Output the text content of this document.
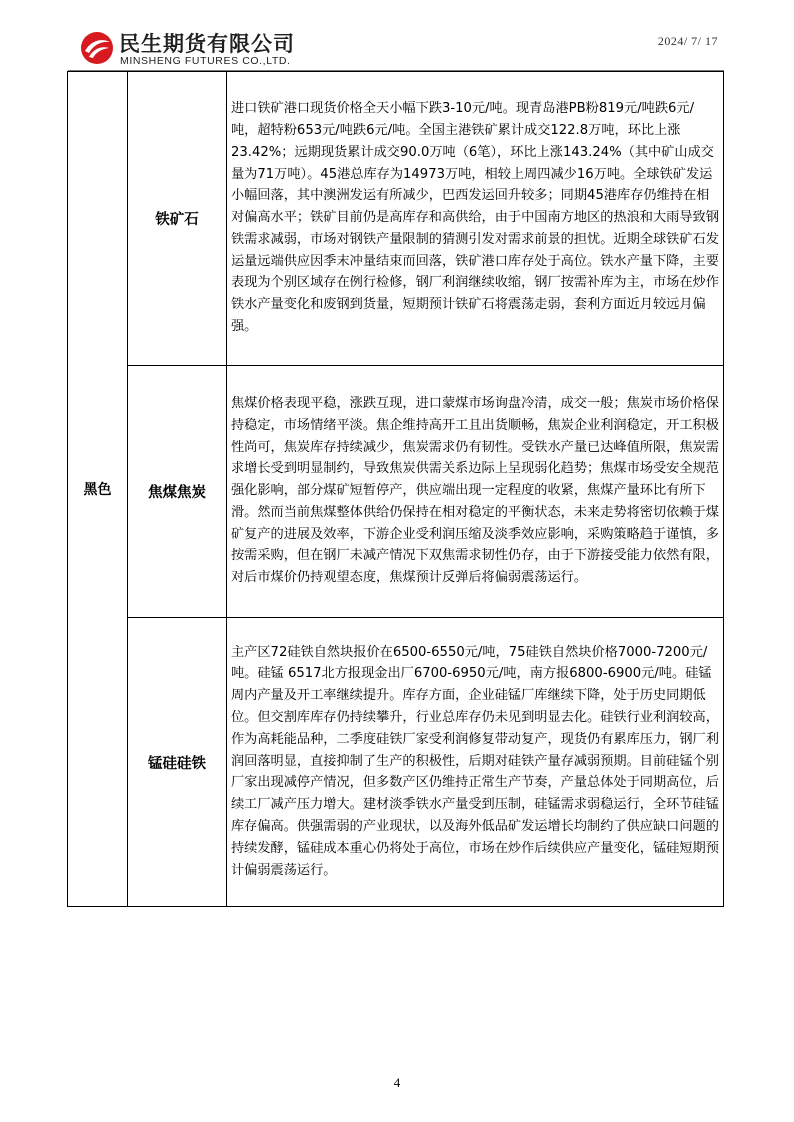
民生期货有限公司
MINSHENG FUTURES CO.,LTD.
2024/ 7/ 17
黑色	铁矿石	进口铁矿港口现货价格全天小幅下跌3-10元/吨。现青岛港PB粉819元/吨跌6元/吨，超特粉653元/吨跌6元/吨。全国主港铁矿累计成交122.8万吨，环比上涨23.42%；远期现货累计成交90.0万吨（6笔），环比上涨143.24%（其中矿山成交量为71万吨）。45港总库存为14973万吨，相较上周四减少16万吨。全球铁矿发运小幅回落，其中澳洲发运有所减少，巴西发运回升较多；同期45港库存仍维持在相对偏高水平；铁矿目前仍是高库存和高供给，由于中国南方地区的热浪和大雨导致钢铁需求减弱，市场对钢铁产量限制的猜测引发对需求前景的担忧。近期全球铁矿石发运量远端供应因季末冲量结束而回落，铁矿港口库存处于高位。铁水产量下降，主要表现为个别区域存在例行检修，钢厂利润继续收缩，钢厂按需补库为主，市场在炒作铁水产量变化和废钢到货量，短期预计铁矿石将震荡走弱，套利方面近月较远月偏强。
	焦煤焦炭	焦煤价格表现平稳，涨跌互现，进口蒙煤市场询盘冷清，成交一般；焦炭市场价格保持稳定，市场情绪平淡。焦企维持高开工且出货顺畅，焦炭企业利润稳定，开工积极性尚可，焦炭库存持续减少，焦炭需求仍有韧性。受铁水产量已达峰值所限，焦炭需求增长受到明显制约，导致焦炭供需关系边际上呈现弱化趋势；焦煤市场受安全规范强化影响，部分煤矿短暂停产，供应端出现一定程度的收紧，焦煤产量环比有所下滑。然而当前焦煤整体供给仍保持在相对稳定的平衡状态，未来走势将密切依赖于煤矿复产的进展及效率，下游企业受利润压缩及淡季效应影响，采购策略趋于谨慎，多按需采购，但在钢厂未减产情况下双焦需求韧性仍存，由于下游接受能力依然有限，对后市煤价仍持观望态度，焦煤预计反弹后将偏弱震荡运行。
	锰硅硅铁	主产区72硅铁自然块报价在6500-6550元/吨，75硅铁自然块价格7000-7200元/吨。硅锰 6517北方报现金出厂6700-6950元/吨，南方报6800-6900元/吨。硅锰周内产量及开工率继续提升。库存方面，企业硅锰厂库继续下降，处于历史同期低位。但交割库库存仍持续攀升，行业总库存仍未见到明显去化。硅铁行业利润较高，作为高耗能品种，二季度硅铁厂家受利润修复带动复产，现货仍有累库压力，钢厂利润回落明显，直接抑制了生产的积极性，后期对硅铁产量存减弱预期。目前硅锰个别厂家出现减停产情况，但多数产区仍维持正常生产节奏，产量总体处于同期高位，后续工厂减产压力增大。建材淡季铁水产量受到压制，硅锰需求弱稳运行，全环节硅锰库存偏高。供强需弱的产业现状，以及海外低品矿发运增长均制约了供应缺口问题的持续发酵，锰硅成本重心仍将处于高位，市场在炒作后续供应产量变化，锰硅短期预计偏弱震荡运行。
4
